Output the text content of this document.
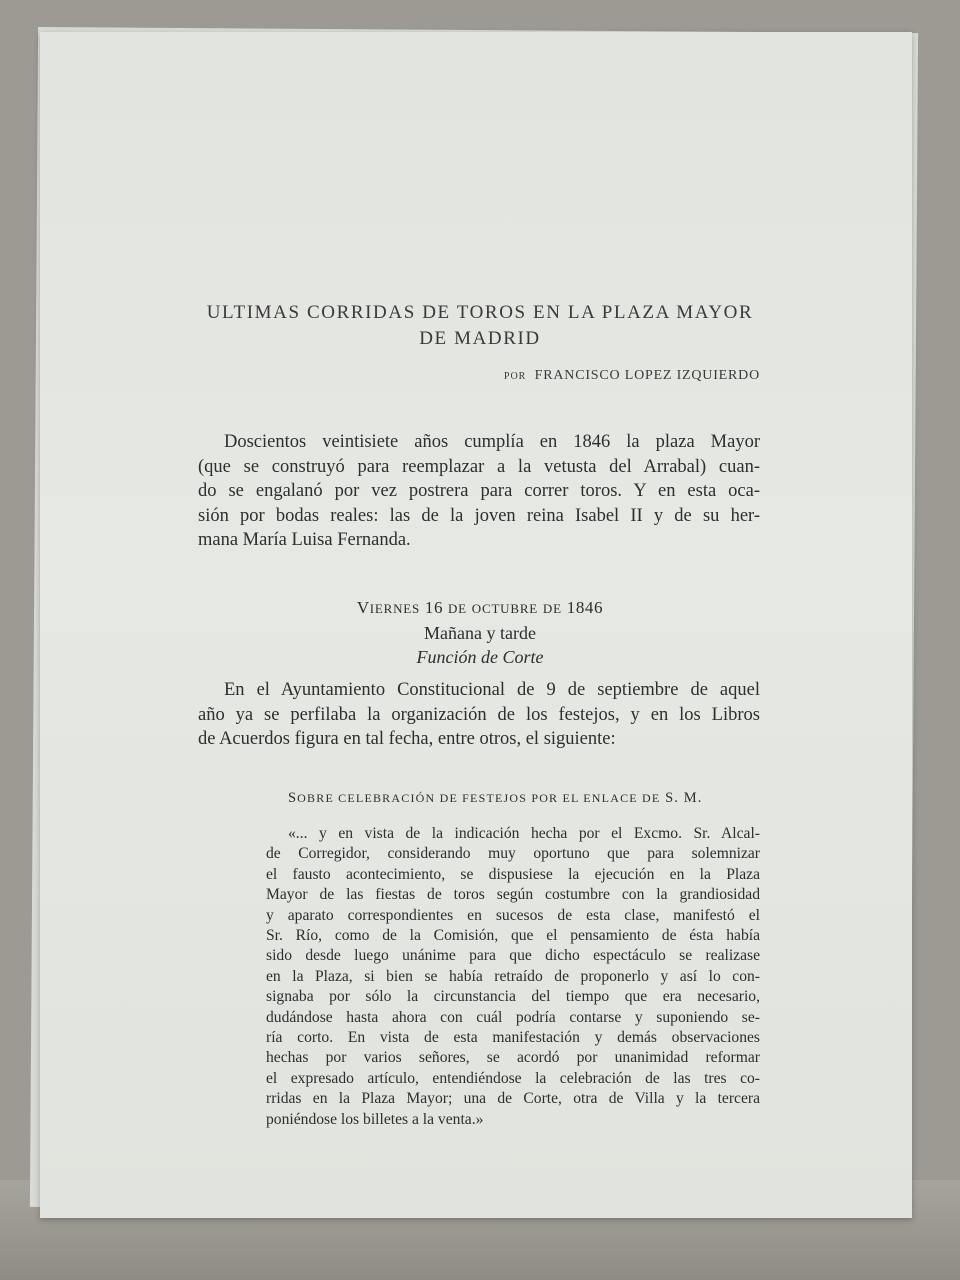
ULTIMAS CORRIDAS DE TOROS EN LA PLAZA MAYOR
DE MADRID
POR FRANCISCO LOPEZ IZQUIERDO
Doscientos veintisiete años cumplía en 1846 la plaza Mayor
(que se construyó para reemplazar a la vetusta del Arrabal) cuan-
do se engalanó por vez postrera para correr toros. Y en esta oca-
sión por bodas reales: las de la joven reina Isabel II y de su her-
mana María Luisa Fernanda.
VIERNES 16 DE OCTUBRE DE 1846
Mañana y tarde
Función de Corte
En el Ayuntamiento Constitucional de 9 de septiembre de aquel
año ya se perfilaba la organización de los festejos, y en los Libros
de Acuerdos figura en tal fecha, entre otros, el siguiente:
SOBRE CELEBRACIÓN DE FESTEJOS POR EL ENLACE DE S. M.
«... y en vista de la indicación hecha por el Excmo. Sr. Alcal-
de Corregidor, considerando muy oportuno que para solemnizar
el fausto acontecimiento, se dispusiese la ejecución en la Plaza
Mayor de las fiestas de toros según costumbre con la grandiosidad
y aparato correspondientes en sucesos de esta clase, manifestó el
Sr. Río, como de la Comisión, que el pensamiento de ésta había
sido desde luego unánime para que dicho espectáculo se realizase
en la Plaza, si bien se había retraído de proponerlo y así lo con-
signaba por sólo la circunstancia del tiempo que era necesario,
dudándose hasta ahora con cuál podría contarse y suponiendo se-
ría corto. En vista de esta manifestación y demás observaciones
hechas por varios señores, se acordó por unanimidad reformar
el expresado artículo, entendiéndose la celebración de las tres co-
rridas en la Plaza Mayor; una de Corte, otra de Villa y la tercera
poniéndose los billetes a la venta.»
